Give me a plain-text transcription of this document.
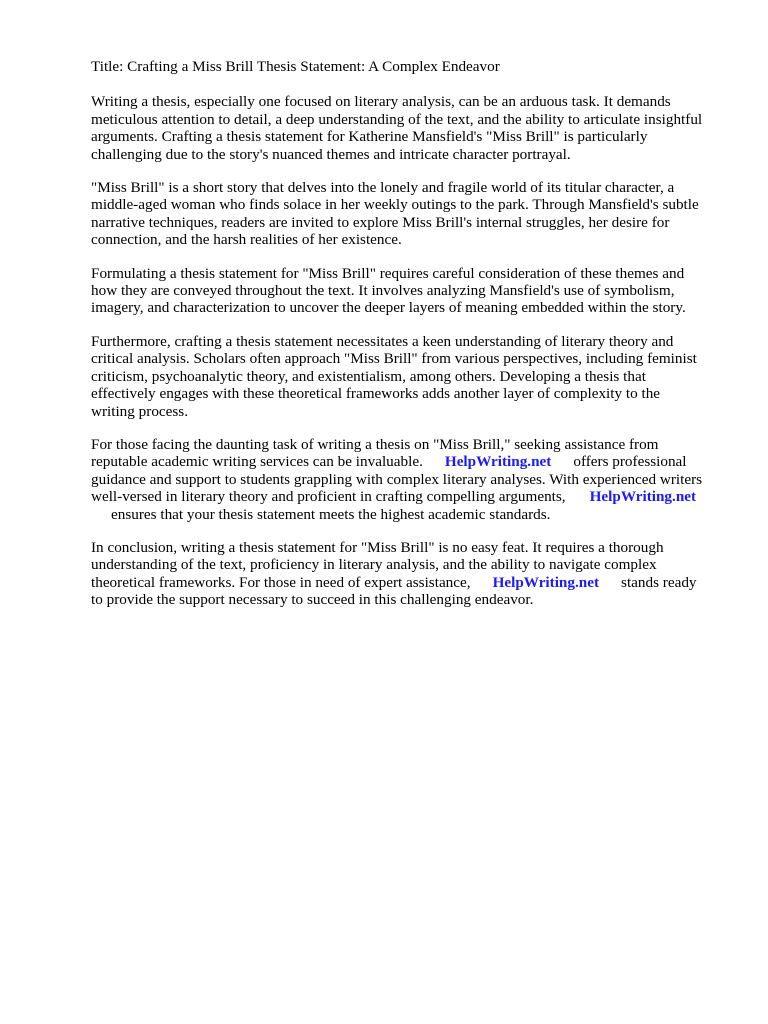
Title: Crafting a Miss Brill Thesis Statement: A Complex Endeavor
Writing a thesis, especially one focused on literary analysis, can be an arduous task. It demands
meticulous attention to detail, a deep understanding of the text, and the ability to articulate insightful
arguments. Crafting a thesis statement for Katherine Mansfield's "Miss Brill" is particularly
challenging due to the story's nuanced themes and intricate character portrayal.
"Miss Brill" is a short story that delves into the lonely and fragile world of its titular character, a
middle-aged woman who finds solace in her weekly outings to the park. Through Mansfield's subtle
narrative techniques, readers are invited to explore Miss Brill's internal struggles, her desire for
connection, and the harsh realities of her existence.
Formulating a thesis statement for "Miss Brill" requires careful consideration of these themes and
how they are conveyed throughout the text. It involves analyzing Mansfield's use of symbolism,
imagery, and characterization to uncover the deeper layers of meaning embedded within the story.
Furthermore, crafting a thesis statement necessitates a keen understanding of literary theory and
critical analysis. Scholars often approach "Miss Brill" from various perspectives, including feminist
criticism, psychoanalytic theory, and existentialism, among others. Developing a thesis that
effectively engages with these theoretical frameworks adds another layer of complexity to the
writing process.
For those facing the daunting task of writing a thesis on "Miss Brill," seeking assistance from
reputable academic writing services can be invaluable. HelpWriting.net offers professional
guidance and support to students grappling with complex literary analyses. With experienced writers
well-versed in literary theory and proficient in crafting compelling arguments, HelpWriting.net
ensures that your thesis statement meets the highest academic standards.
In conclusion, writing a thesis statement for "Miss Brill" is no easy feat. It requires a thorough
understanding of the text, proficiency in literary analysis, and the ability to navigate complex
theoretical frameworks. For those in need of expert assistance, HelpWriting.net stands ready
to provide the support necessary to succeed in this challenging endeavor.
